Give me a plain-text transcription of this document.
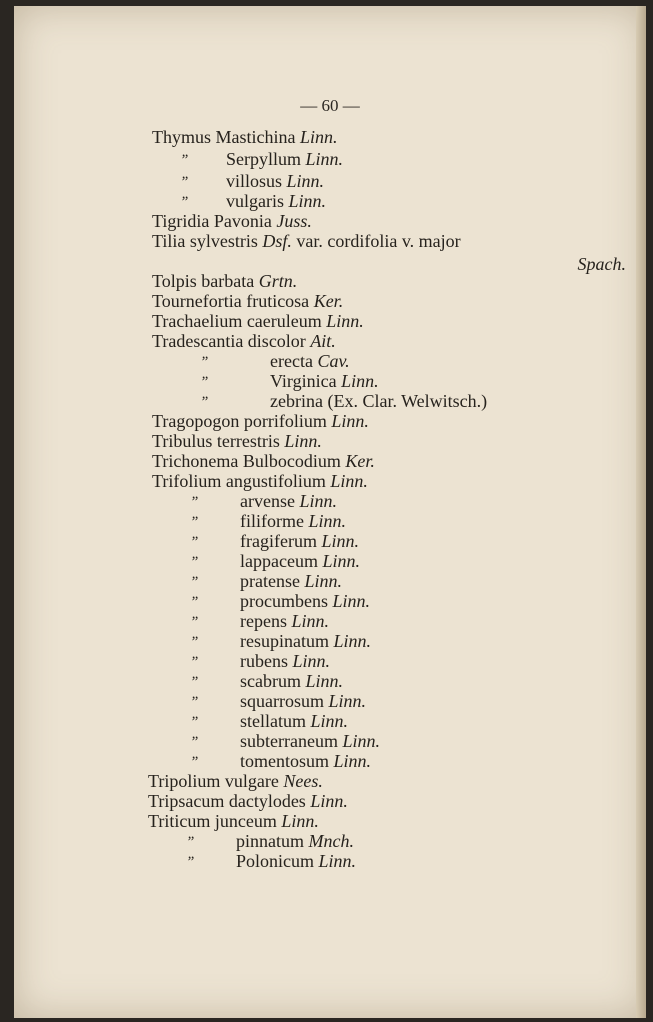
— 60 —
Thymus Mastichina Linn.
” Serpyllum Linn.
” villosus Linn.
” vulgaris Linn.
Tigridia Pavonia Juss.
Tilia sylvestris Dsf. var. cordifolia v. major
Tolpis barbata Grtn.
Tournefortia fruticosa Ker.
Trachaelium caeruleum Linn.
Tradescantia discolor Ait.
”	erecta Cav.
”	Virginica Linn.
”	zebrina (Ex. Clar. Welwitsch.)
Tragopogon porrifolium Linn.
Tribulus terrestris Linn.
Trichonema Bulbocodium Ker.
Trifolium angustifolium Linn.
” arvense Linn.
” filiforme Linn.
” fragiferum Linn.
” lappaceum Linn.
” pratense Linn.
” procumbens Linn.
” repens Linn.
” resupinatum Linn.
” rubens Linn.
” scabrum Linn.
” squarrosum Linn.
” stellatum Linn.
” subterraneum Linn.
” tomentosum Linn.
Tripolium vulgare Nees.
Tripsacum dactylodes Linn.
Triticum junceum Linn.
” pinnatum Mnch.
” Polonicum Linn.
Spach.
